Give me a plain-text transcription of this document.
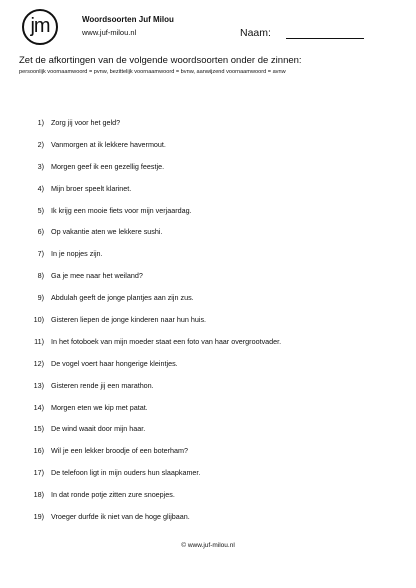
jm	Woordsoorten Juf Milou
www.juf-milou.nl	Naam:
Zet de afkortingen van de volgende woordsoorten onder de zinnen:
persoonlijk voornaamwoord = pvnw, bezittelijk voornaamwoord = bvnw, aanwijzend voornaamwoord = avnw
1) Zorg jij voor het geld?
2) Vanmorgen at ik lekkere havermout.
3) Morgen geef ik een gezellig feestje.
4) Mijn broer speelt klarinet.
5) Ik krijg een mooie fiets voor mijn verjaardag.
6) Op vakantie aten we lekkere sushi.
7) In je nopjes zijn.
8) Ga je mee naar het weiland?
9) Abdulah geeft de jonge plantjes aan zijn zus.
10) Gisteren liepen de jonge kinderen naar hun huis.
11) In het fotoboek van mijn moeder staat een foto van haar overgrootvader.
12) De vogel voert haar hongerige kleintjes.
13) Gisteren rende jij een marathon.
14) Morgen eten we kip met patat.
15) De wind waait door mijn haar.
16) Wil je een lekker broodje of een boterham?
17) De telefoon ligt in mijn ouders hun slaapkamer.
18) In dat ronde potje zitten zure snoepjes.
19) Vroeger durfde ik niet van de hoge glijbaan.
© www.juf-milou.nl
